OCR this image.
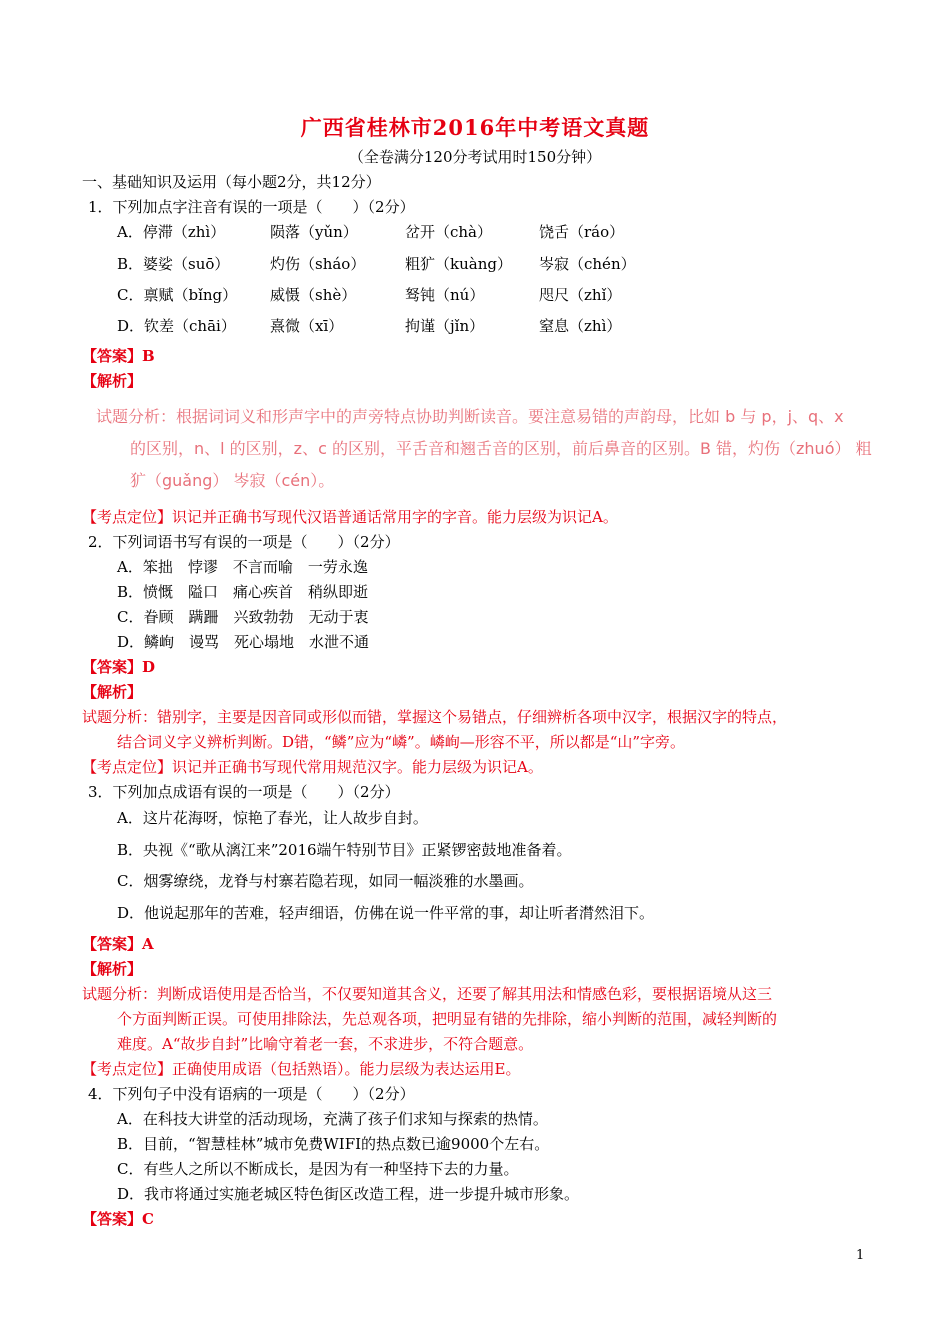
广西省桂林市2016年中考语文真题
（全卷满分120分考试用时150分钟）
一、基础知识及运用（每小题2分，共12分）
1．下列加点字注音有误的一项是（　　）（2分）
A．停滞（zhì）	陨落（yǔn）	岔开（chà）	饶舌（ráo）
B．婆娑（suō）	灼伤（sháo）	粗犷（kuàng） 岑寂（chén）
C．禀赋（bǐng） 威慑（shè）	驽钝（nú）	咫尺（zhǐ）
D．钦差（chāi） 熹微（xī）	拘谨（jǐn）	窒息（zhì）
【答案】B
【解析】
试题分析：根据词词义和形声字中的声旁特点协助判断读音。要注意易错的声韵母，比如 b 与 p，j、q、x
的区别，n、l 的区别，z、c 的区别，平舌音和翘舌音的区别，前后鼻音的区别。B 错，灼伤（zhuó） 粗
犷（guǎng） 岑寂（cén）。
【考点定位】识记并正确书写现代汉语普通话常用字的字音。能力层级为识记A。
2．下列词语书写有误的一项是（　　）（2分）
A．笨拙　悖谬　不言而喻　一劳永逸
B．愤慨　隘口　痛心疾首　稍纵即逝
C．眷顾　蹒跚　兴致勃勃　无动于衷
D．鳞峋　谩骂　死心塌地　水泄不通
【答案】D
【解析】
试题分析：错别字，主要是因音同或形似而错，掌握这个易错点，仔细辨析各项中汉字，根据汉字的特点，
结合词义字义辨析判断。D错，“鳞”应为“嶙”。嶙峋—形容不平，所以都是“山”字旁。
【考点定位】识记并正确书写现代常用规范汉字。能力层级为识记A。
3．下列加点成语有误的一项是（　　）（2分）
A．这片花海呀，惊艳了春光，让人故步自封。
B．央视《“歌从漓江来”2016端午特别节目》正紧锣密鼓地准备着。
C．烟雾缭绕，龙脊与村寨若隐若现，如同一幅淡雅的水墨画。
D．他说起那年的苦难，轻声细语，仿佛在说一件平常的事，却让听者潸然泪下。
【答案】A
【解析】
试题分析：判断成语使用是否恰当，不仅要知道其含义，还要了解其用法和情感色彩，要根据语境从这三
个方面判断正误。可使用排除法，先总观各项，把明显有错的先排除，缩小判断的范围，减轻判断的
难度。A“故步自封”比喻守着老一套，不求进步，不符合题意。
【考点定位】正确使用成语（包括熟语）。能力层级为表达运用E。
4．下列句子中没有语病的一项是（　　）（2分）
A．在科技大讲堂的活动现场，充满了孩子们求知与探索的热情。
B．目前，“智慧桂林”城市免费WIFI的热点数已逾9000个左右。
C．有些人之所以不断成长，是因为有一种坚持下去的力量。
D．我市将通过实施老城区特色街区改造工程，进一步提升城市形象。
【答案】C
1
